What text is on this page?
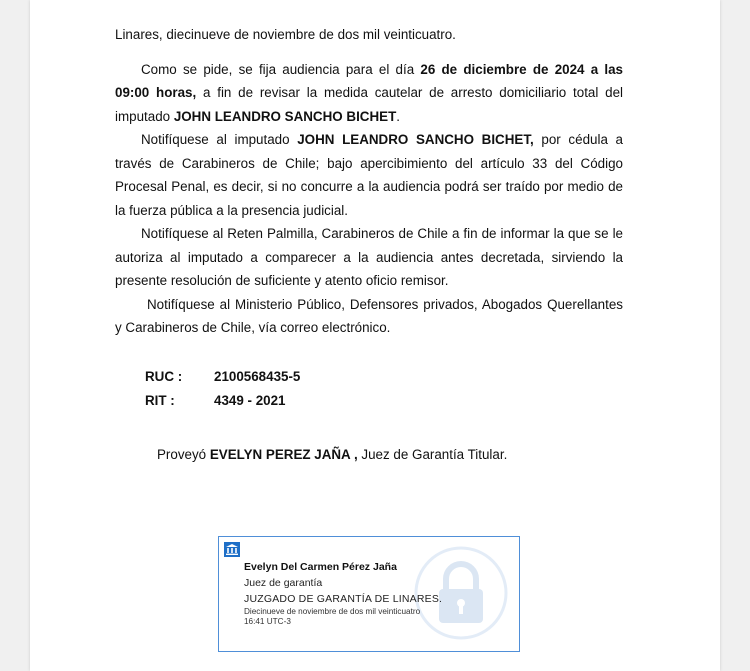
Linares, diecinueve de noviembre de dos mil veinticuatro.

Como se pide, se fija audiencia para el día 26 de diciembre de 2024 a las 09:00 horas, a fin de revisar la medida cautelar de arresto domiciliario total del imputado JOHN LEANDRO SANCHO BICHET.

Notifíquese al imputado JOHN LEANDRO SANCHO BICHET, por cédula a través de Carabineros de Chile; bajo apercibimiento del artículo 33 del Código Procesal Penal, es decir, si no concurre a la audiencia podrá ser traído por medio de la fuerza pública a la presencia judicial.

Notifíquese al Reten Palmilla, Carabineros de Chile a fin de informar la que se le autoriza al imputado a comparecer a la audiencia antes decretada, sirviendo la presente resolución de suficiente y atento oficio remisor.

Notifíquese al Ministerio Público, Defensores privados, Abogados Querellantes y Carabineros de Chile, vía correo electrónico.

RUC : 2100568435-5
RIT :	4349 - 2021
Proveyó EVELYN PEREZ JAÑA , Juez de Garantía Titular.
Evelyn Del Carmen Pérez Jaña
Juez de garantía
JUZGADO DE GARANTÍA DE LINARES.
Diecinueve de noviembre de dos mil veinticuatro
16:41 UTC-3
